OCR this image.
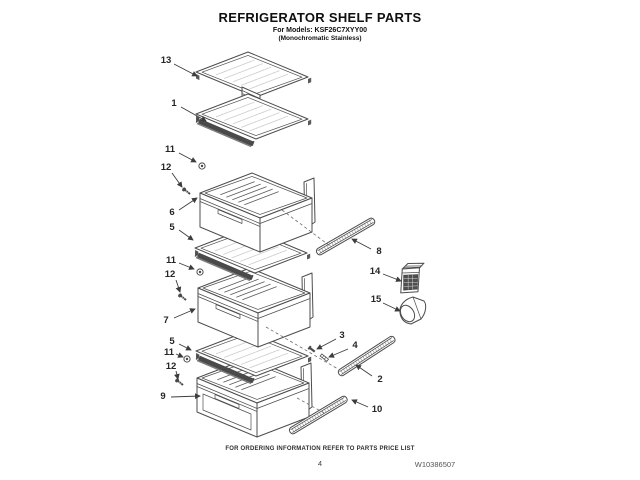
13
1
11
12
6
5
11
12
7
5
11
12
9
8
14
15
3
4
2
10
REFRIGERATOR SHELF PARTS
For Models: KSF26C7XYY00
(Monochromatic Stainless)
FOR ORDERING INFORMATION REFER TO PARTS PRICE LIST
4	W10386507
